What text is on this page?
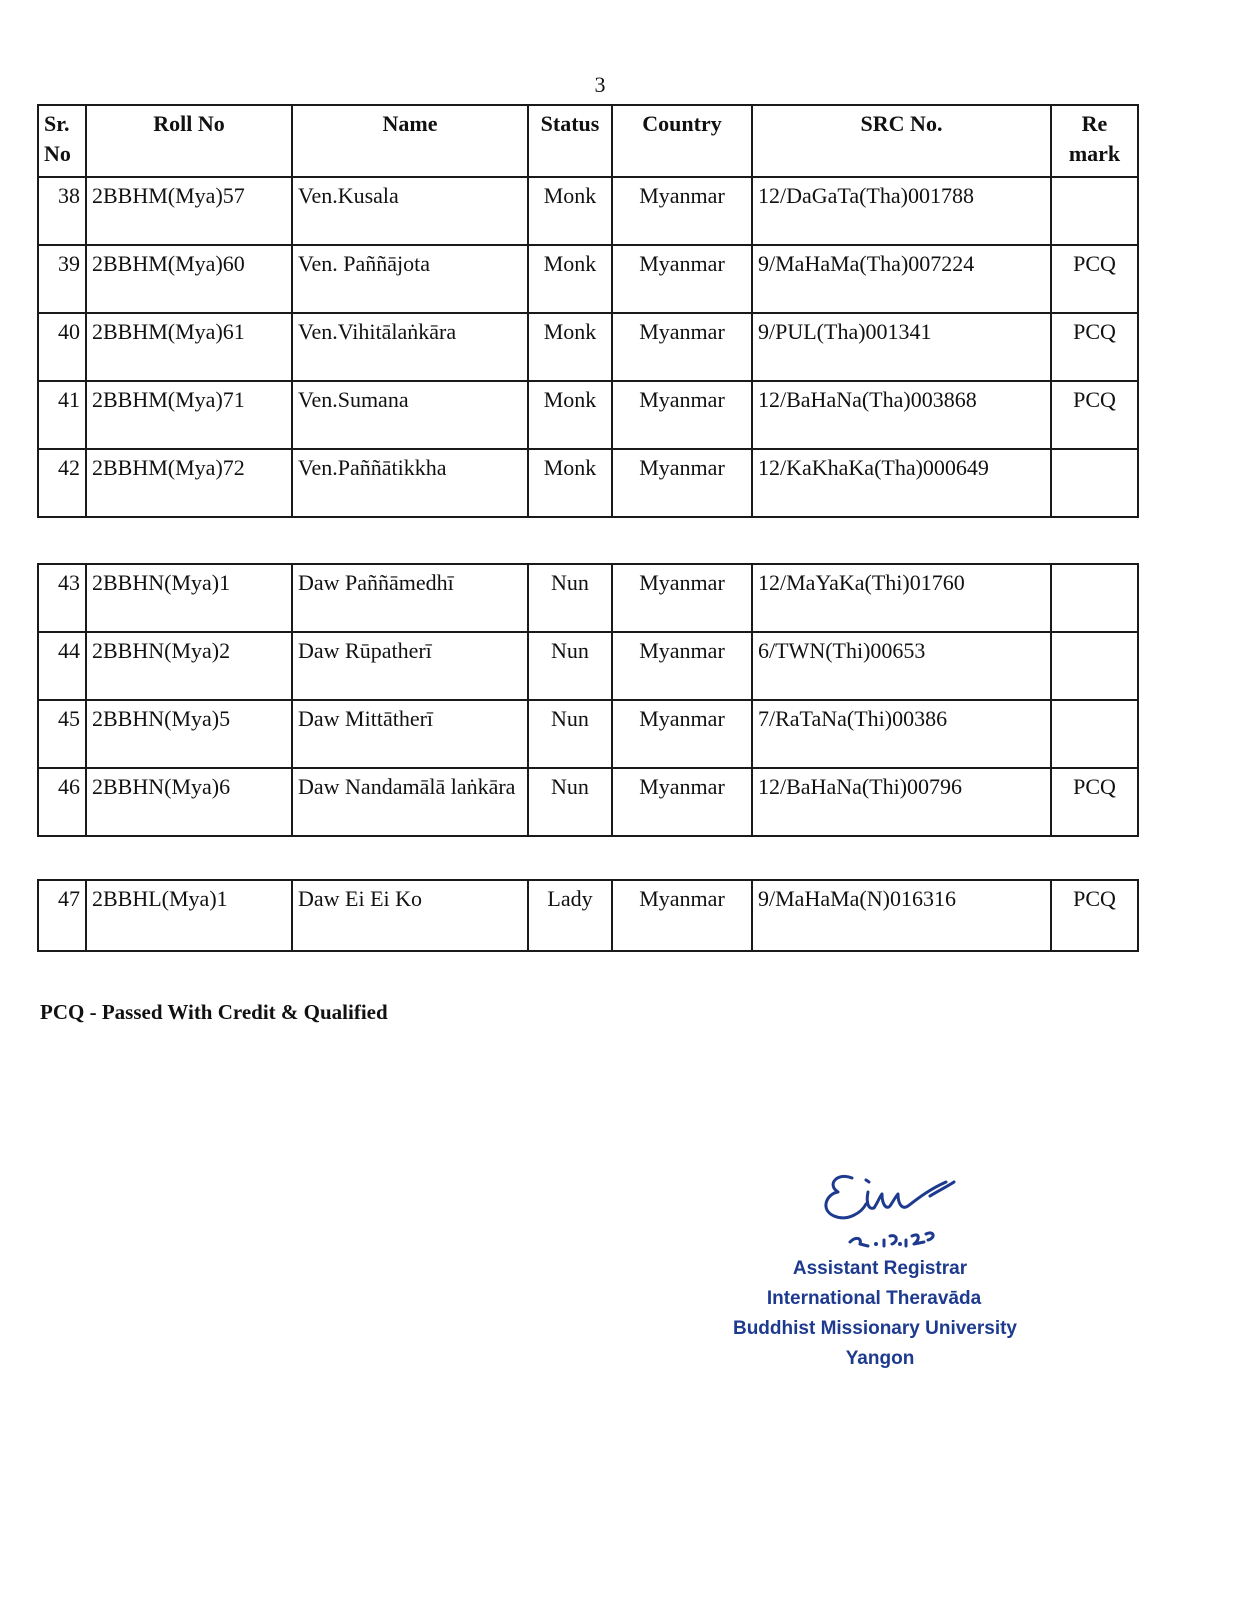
3
Sr. No	Roll No	Name	Status	Country	SRC No.	Re mark
38	2BBHM(Mya)57	Ven.Kusala	Monk	Myanmar	12/DaGaTa(Tha)001788	
39	2BBHM(Mya)60	Ven. Paññājota	Monk	Myanmar	9/MaHaMa(Tha)007224	PCQ
40	2BBHM(Mya)61	Ven.Vihitālaṅkāra	Monk	Myanmar	9/PUL(Tha)001341	PCQ
41	2BBHM(Mya)71	Ven.Sumana	Monk	Myanmar	12/BaHaNa(Tha)003868	PCQ
42	2BBHM(Mya)72	Ven.Paññātikkha	Monk	Myanmar	12/KaKhaKa(Tha)000649	
43	2BBHN(Mya)1	Daw Paññāmedhī	Nun	Myanmar	12/MaYaKa(Thi)01760	
44	2BBHN(Mya)2	Daw Rūpatherī	Nun	Myanmar	6/TWN(Thi)00653	
45	2BBHN(Mya)5	Daw Mittātherī	Nun	Myanmar	7/RaTaNa(Thi)00386	
46	2BBHN(Mya)6	Daw Nandamālā laṅkāra	Nun	Myanmar	12/BaHaNa(Thi)00796	PCQ
47	2BBHL(Mya)1	Daw Ei Ei Ko	Lady	Myanmar	9/MaHaMa(N)016316	PCQ
PCQ - Passed With Credit & Qualified
Assistant Registrar
International Theravāda
Buddhist Missionary University
Yangon
